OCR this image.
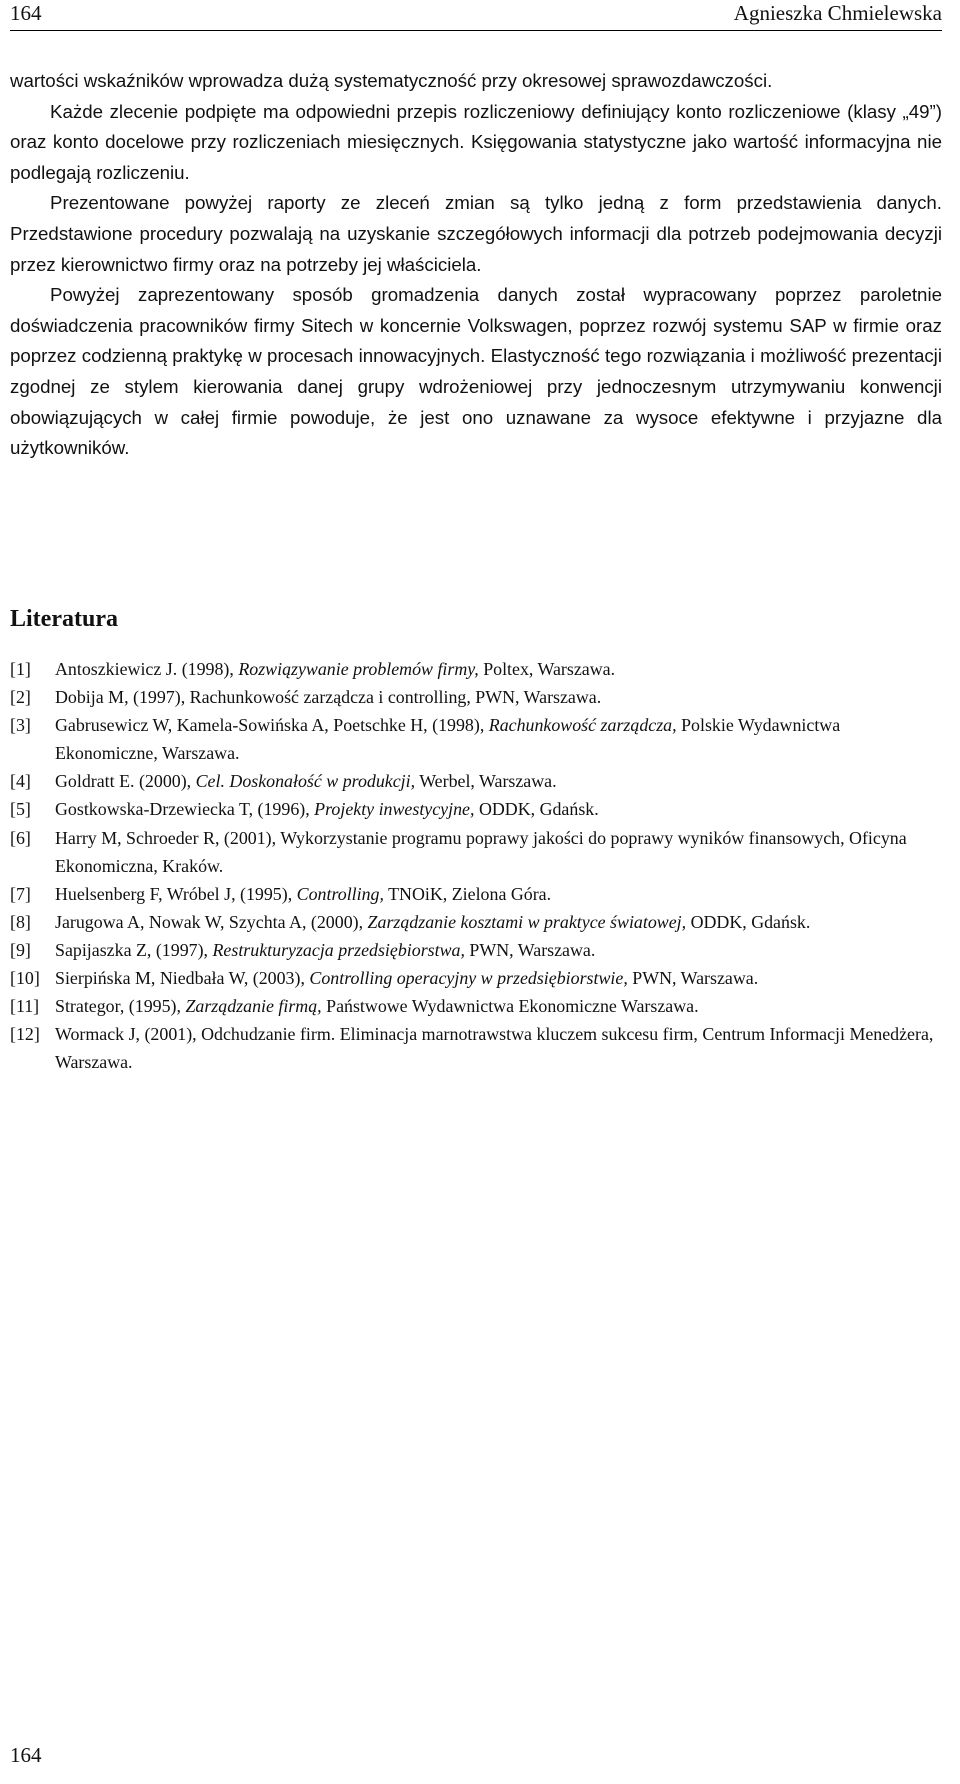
164	Agnieszka Chmielewska

wartości wskaźników wprowadza dużą systematyczność przy okresowej sprawozdawczości.

Każde zlecenie podpięte ma odpowiedni przepis rozliczeniowy definiujący konto rozliczeniowe (klasy „49”) oraz konto docelowe przy rozliczeniach miesięcznych. Księgowania statystyczne jako wartość informacyjna nie podlegają rozliczeniu.

Prezentowane powyżej raporty ze zleceń zmian są tylko jedną z form przedstawienia danych. Przedstawione procedury pozwalają na uzyskanie szczegółowych informacji dla potrzeb podejmowania decyzji przez kierownictwo firmy oraz na potrzeby jej właściciela.

Powyżej zaprezentowany sposób gromadzenia danych został wypracowany poprzez paroletnie doświadczenia pracowników firmy Sitech w koncernie Volkswagen, poprzez rozwój systemu SAP w firmie oraz poprzez codzienną praktykę w procesach innowacyjnych. Elastyczność tego rozwiązania i możliwość prezentacji zgodnej ze stylem kierowania danej grupy wdrożeniowej przy jednoczesnym utrzymywaniu konwencji obowiązujących w całej firmie powoduje, że jest ono uznawane za wysoce efektywne i przyjazne dla użytkowników.

Literatura
[1]	Antoszkiewicz J. (1998), Rozwiązywanie problemów firmy, Poltex, Warszawa.
[2]	Dobija M, (1997), Rachunkowość zarządcza i controlling, PWN, Warszawa.
[3]	Gabrusewicz W, Kamela-Sowińska A, Poetschke H, (1998), Rachunkowość zarządcza, Polskie Wydawnictwa Ekonomiczne, Warszawa.
[4]	Goldratt E. (2000), Cel. Doskonałość w produkcji, Werbel, Warszawa.
[5]	Gostkowska-Drzewiecka T, (1996), Projekty inwestycyjne, ODDK, Gdańsk.
[6]	Harry M, Schroeder R, (2001), Wykorzystanie programu poprawy jakości do poprawy wyników finansowych, Oficyna Ekonomiczna, Kraków.
[7]	Huelsenberg F, Wróbel J, (1995), Controlling, TNOiK, Zielona Góra.
[8]	Jarugowa A, Nowak W, Szychta A, (2000), Zarządzanie kosztami w praktyce światowej, ODDK, Gdańsk.
[9]	Sapijaszka Z, (1997), Restrukturyzacja przedsiębiorstwa, PWN, Warszawa.
[10] Sierpińska M, Niedbała W, (2003), Controlling operacyjny w przedsiębiorstwie, PWN, Warszawa.
[11] Strategor, (1995), Zarządzanie firmą, Państwowe Wydawnictwa Ekonomiczne Warszawa.
[12] Wormack J, (2001), Odchudzanie firm. Eliminacja marnotrawstwa kluczem sukcesu firm, Centrum Informacji Menedżera, Warszawa.
164
